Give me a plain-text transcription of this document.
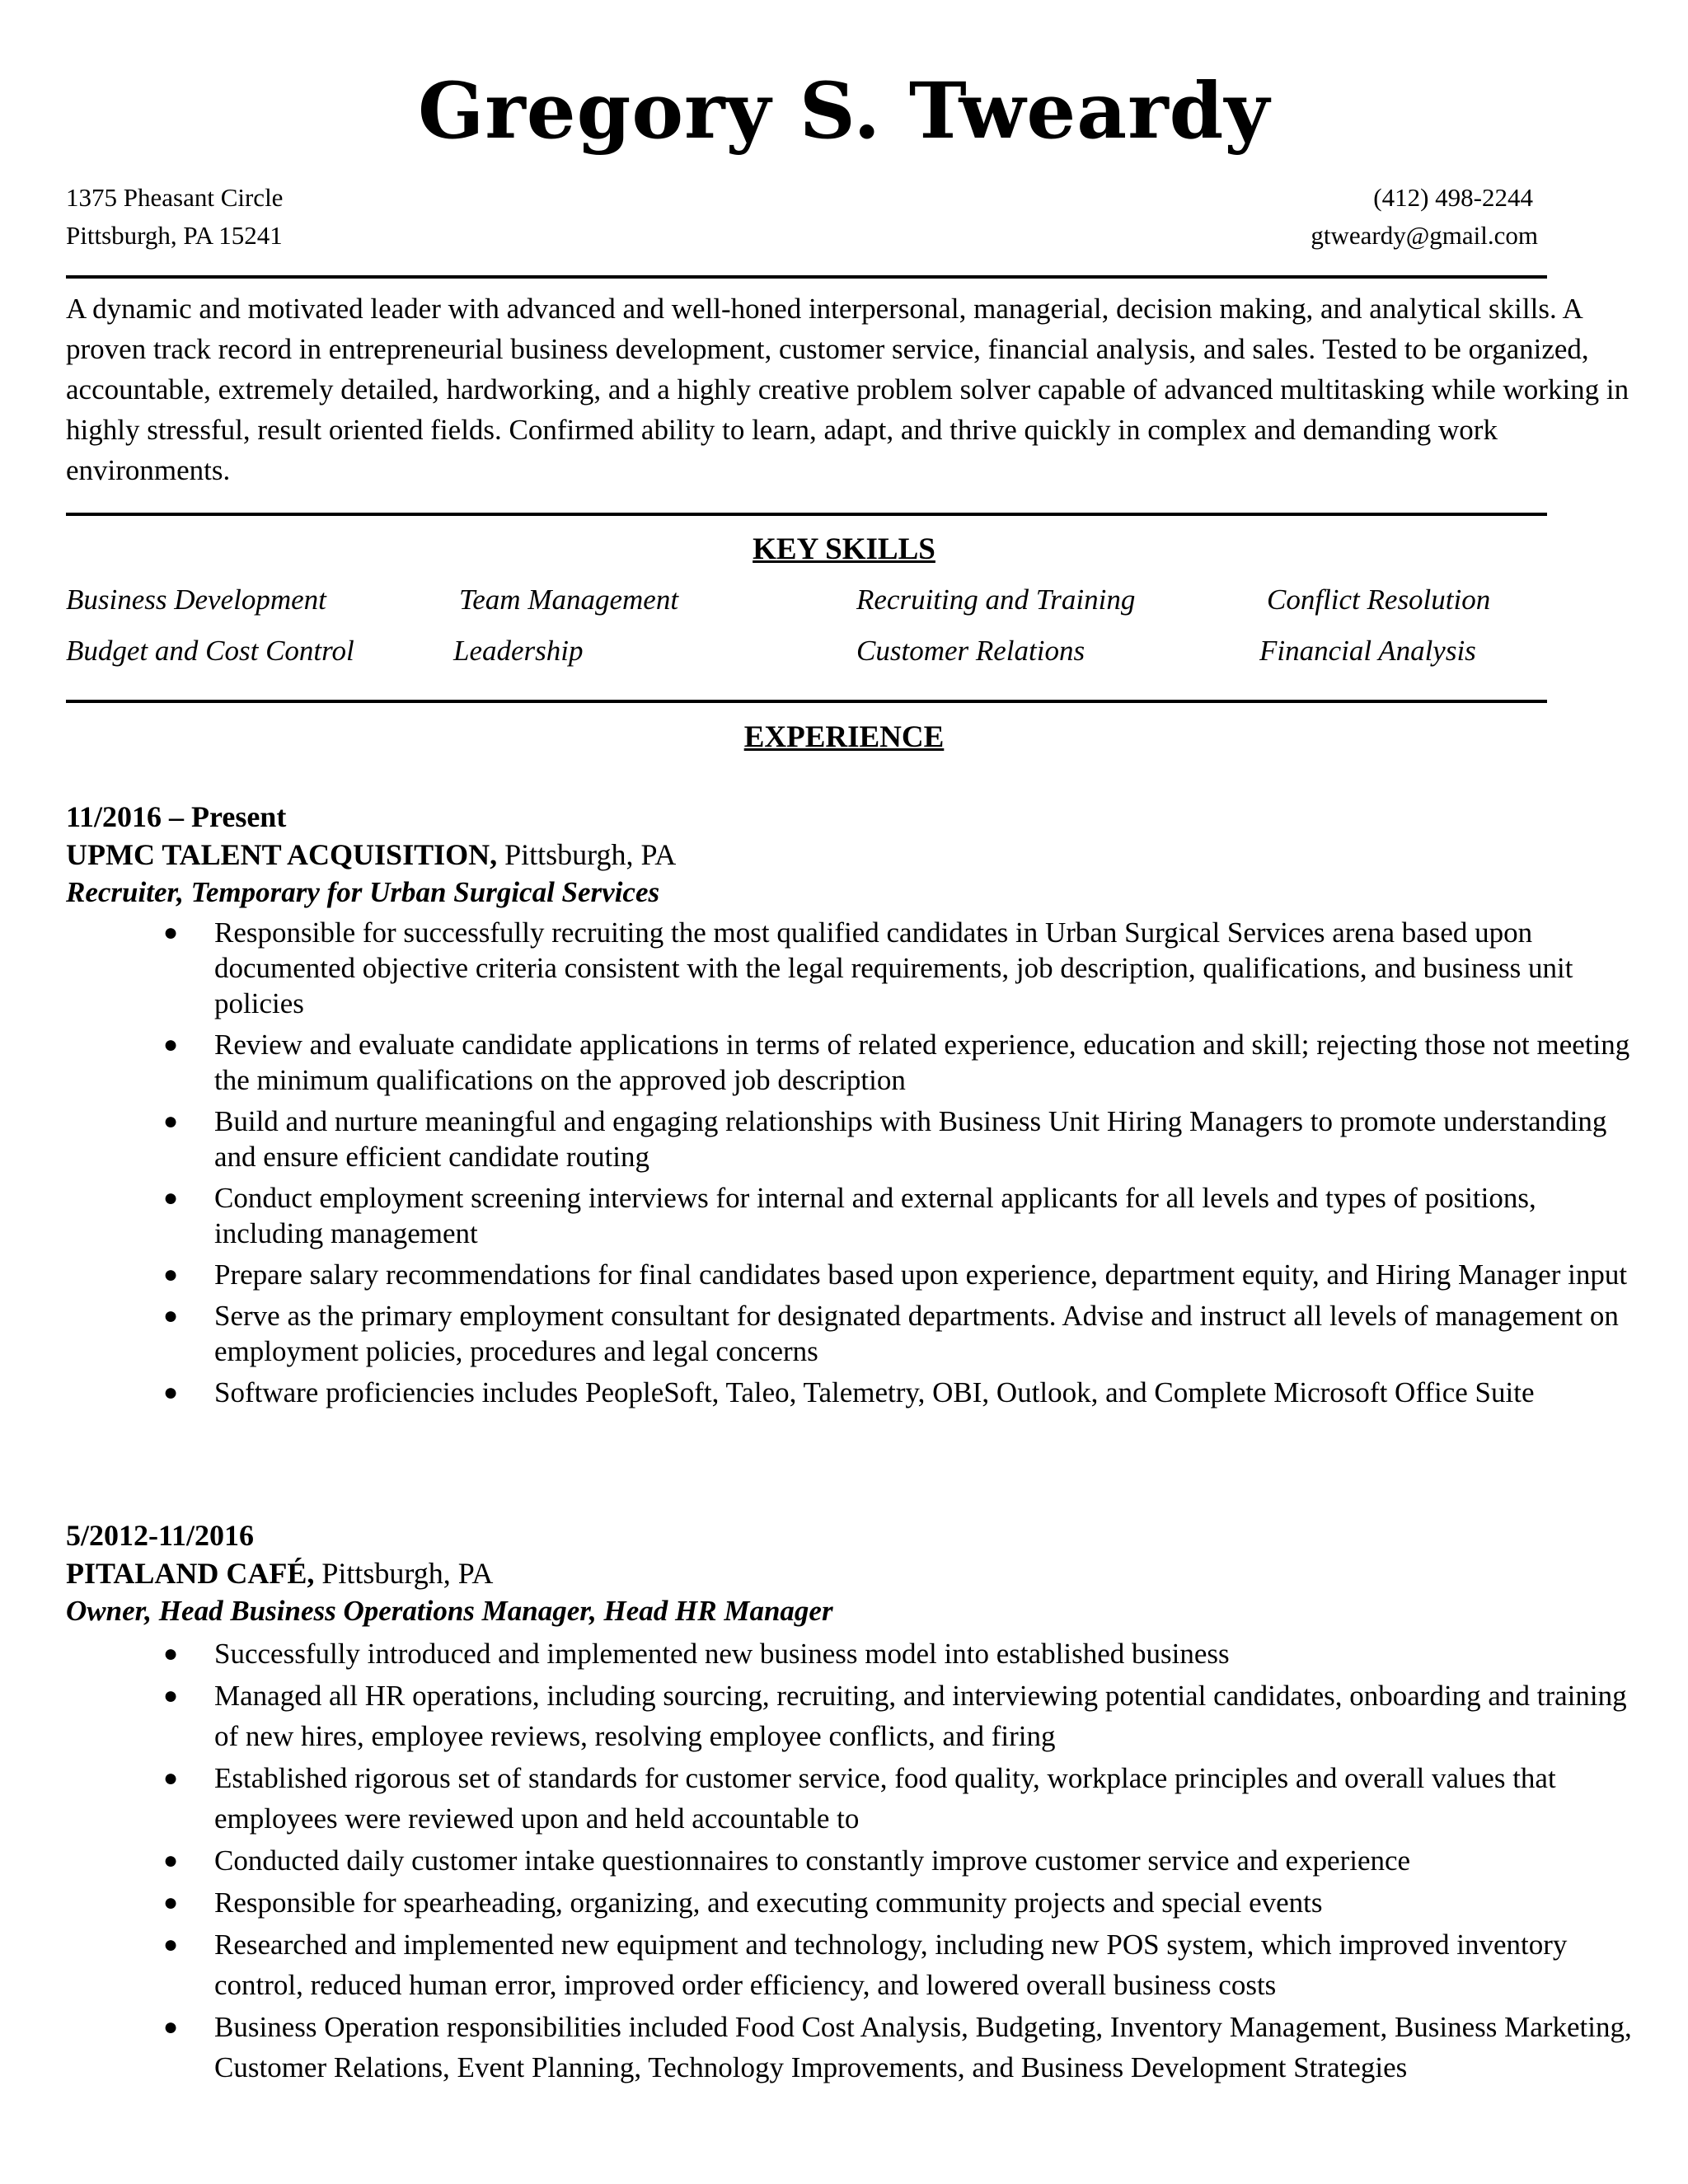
Gregory S. Tweardy
1375 Pheasant Circle
Pittsburgh, PA 15241
(412) 498-2244
gtweardy@gmail.com
A dynamic and motivated leader with advanced and well-honed interpersonal, managerial, decision making, and analytical skills. A proven track record in entrepreneurial business development, customer service, financial analysis, and sales. Tested to be organized, accountable, extremely detailed, hardworking, and a highly creative problem solver capable of advanced multitasking while working in highly stressful, result oriented fields. Confirmed ability to learn, adapt, and thrive quickly in complex and demanding work environments.
KEY SKILLS
Business Development	Team Management	Recruiting and Training	Conflict Resolution
Budget and Cost Control	Leadership	Customer Relations	Financial Analysis
EXPERIENCE
11/2016 – Present
UPMC TALENT ACQUISITION, Pittsburgh, PA
Recruiter, Temporary for Urban Surgical Services
● Responsible for successfully recruiting the most qualified candidates in Urban Surgical Services arena based upon documented objective criteria consistent with the legal requirements, job description, qualifications, and business unit policies
● Review and evaluate candidate applications in terms of related experience, education and skill; rejecting those not meeting the minimum qualifications on the approved job description
● Build and nurture meaningful and engaging relationships with Business Unit Hiring Managers to promote understanding and ensure efficient candidate routing
● Conduct employment screening interviews for internal and external applicants for all levels and types of positions, including management
● Prepare salary recommendations for final candidates based upon experience, department equity, and Hiring Manager input
● Serve as the primary employment consultant for designated departments. Advise and instruct all levels of management on employment policies, procedures and legal concerns
● Software proficiencies includes PeopleSoft, Taleo, Talemetry, OBI, Outlook, and Complete Microsoft Office Suite
5/2012-11/2016
PITALAND CAFÉ, Pittsburgh, PA
Owner, Head Business Operations Manager, Head HR Manager
● Successfully introduced and implemented new business model into established business
● Managed all HR operations, including sourcing, recruiting, and interviewing potential candidates, onboarding and training of new hires, employee reviews, resolving employee conflicts, and firing
● Established rigorous set of standards for customer service, food quality, workplace principles and overall values that employees were reviewed upon and held accountable to
● Conducted daily customer intake questionnaires to constantly improve customer service and experience
● Responsible for spearheading, organizing, and executing community projects and special events
● Researched and implemented new equipment and technology, including new POS system, which improved inventory control, reduced human error, improved order efficiency, and lowered overall business costs
● Business Operation responsibilities included Food Cost Analysis, Budgeting, Inventory Management, Business Marketing, Customer Relations, Event Planning, Technology Improvements, and Business Development Strategies
